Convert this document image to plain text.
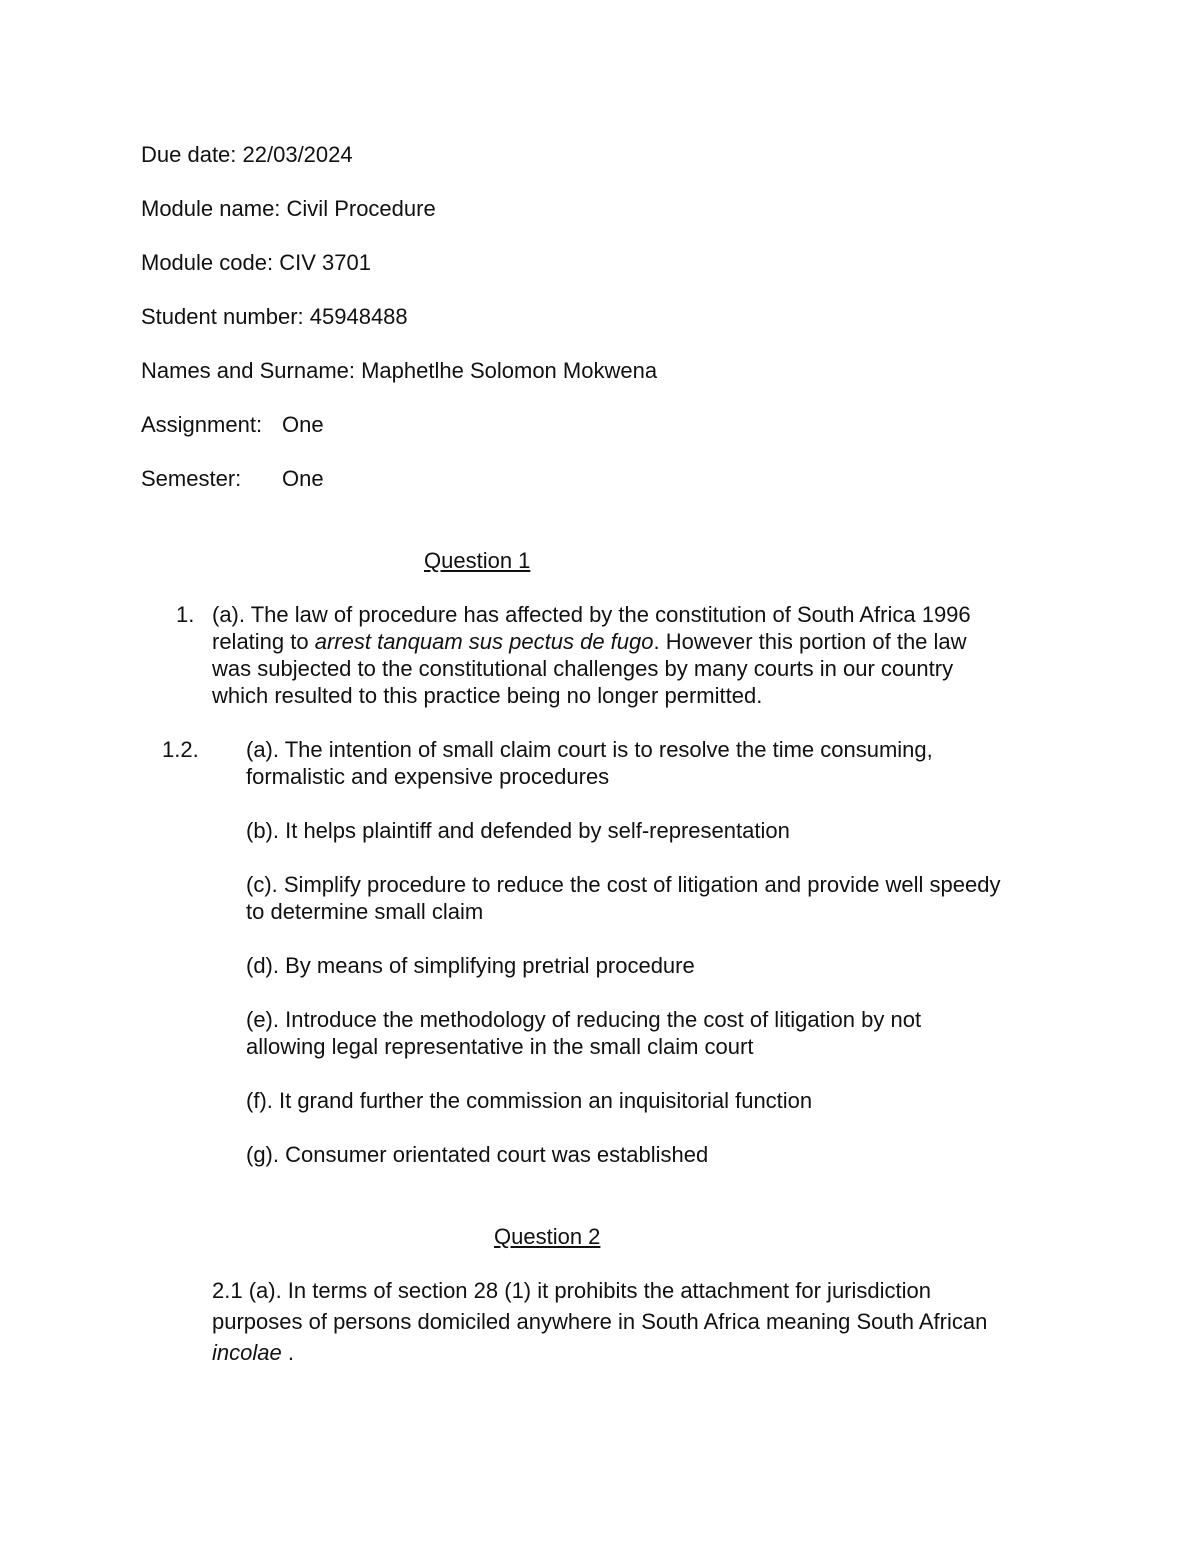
Due date: 22/03/2024
Module name: Civil Procedure
Module code: CIV 3701
Student number: 45948488
Names and Surname: Maphetlhe Solomon Mokwena
Assignment: One
Semester: One
Question 1
1. (a). The law of procedure has affected by the constitution of South Africa 1996
relating to arrest tanquam sus pectus de fugo. However this portion of the law
was subjected to the constitutional challenges by many courts in our country
which resulted to this practice being no longer permitted.
1.2. (a). The intention of small claim court is to resolve the time consuming,
formalistic and expensive procedures
(b). It helps plaintiff and defended by self-representation
(c). Simplify procedure to reduce the cost of litigation and provide well speedy
to determine small claim
(d). By means of simplifying pretrial procedure
(e). Introduce the methodology of reducing the cost of litigation by not
allowing legal representative in the small claim court
(f). It grand further the commission an inquisitorial function
(g). Consumer orientated court was established
Question 2
2.1 (a). In terms of section 28 (1) it prohibits the attachment for jurisdiction
purposes of persons domiciled anywhere in South Africa meaning South African
incolae .
